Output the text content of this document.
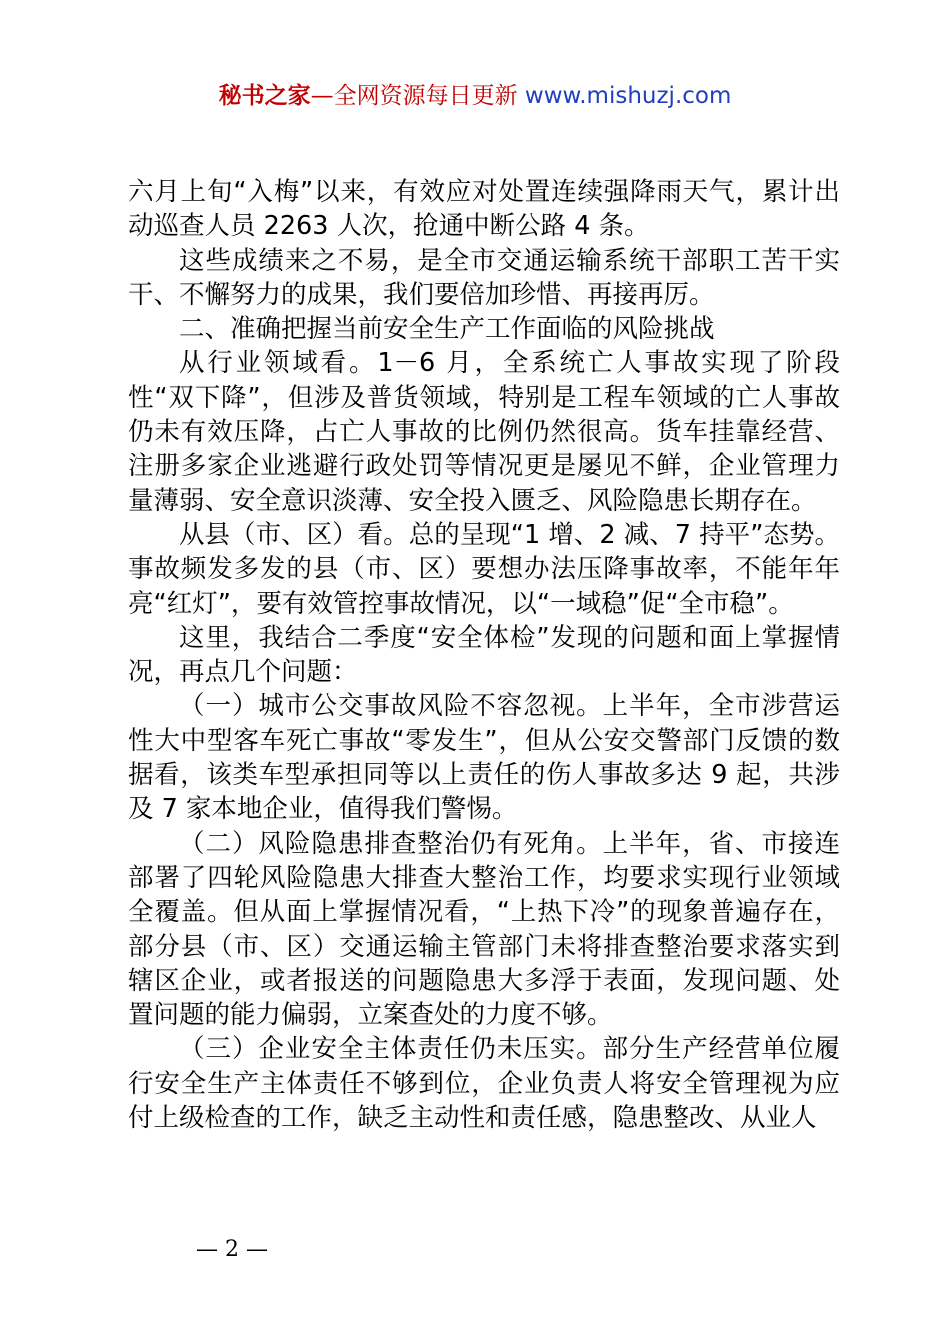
秘书之家—全网资源每日更新 www.mishuzj.com

六月上旬“入梅”以来，有效应对处置连续强降雨天气，累计出动巡查人员 2263 人次，抢通中断公路 4 条。

这些成绩来之不易，是全市交通运输系统干部职工苦干实干、不懈努力的成果，我们要倍加珍惜、再接再厉。

二、准确把握当前安全生产工作面临的风险挑战

从行业领域看。1－6 月，全系统亡人事故实现了阶段性“双下降”，但涉及普货领域，特别是工程车领域的亡人事故仍未有效压降，占亡人事故的比例仍然很高。货车挂靠经营、注册多家企业逃避行政处罚等情况更是屡见不鲜，企业管理力量薄弱、安全意识淡薄、安全投入匮乏、风险隐患长期存在。

从县（市、区）看。总的呈现“1 增、2 减、7 持平”态势。事故频发多发的县（市、区）要想办法压降事故率，不能年年亮“红灯”，要有效管控事故情况，以“一域稳”促“全市稳”。

这里，我结合二季度“安全体检”发现的问题和面上掌握情况，再点几个问题：

（一）城市公交事故风险不容忽视。上半年，全市涉营运性大中型客车死亡事故“零发生”，但从公安交警部门反馈的数据看，该类车型承担同等以上责任的伤人事故多达 9 起，共涉及 7 家本地企业，值得我们警惕。

（二）风险隐患排查整治仍有死角。上半年，省、市接连部署了四轮风险隐患大排查大整治工作，均要求实现行业领域全覆盖。但从面上掌握情况看，“上热下冷”的现象普遍存在，部分县（市、区）交通运输主管部门未将排查整治要求落实到辖区企业，或者报送的问题隐患大多浮于表面，发现问题、处置问题的能力偏弱，立案查处的力度不够。

（三）企业安全主体责任仍未压实。部分生产经营单位履行安全生产主体责任不够到位，企业负责人将安全管理视为应付上级检查的工作，缺乏主动性和责任感，隐患整改、从业人

— 2 —
